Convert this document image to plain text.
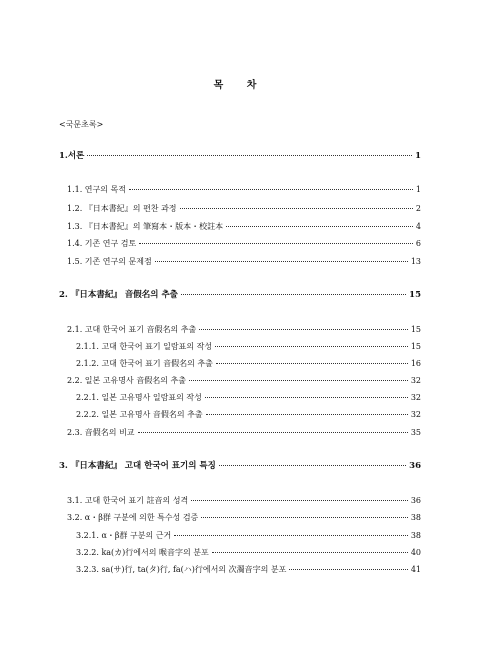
목 차
<국문초록>
1.서론	1
1.1. 연구의 목적	1
1.2. 『日本書紀』의 편찬 과정	2
1.3. 『日本書紀』의 筆寫本・版本・校註本	4
1.4. 기존 연구 검토	6
1.5. 기존 연구의 문제점	13
2. 『日本書紀』 音假名의 추출	15
2.1. 고대 한국어 표기 音假名의 추출	15
2.1.1. 고대 한국어 표기 일람표의 작성	15
2.1.2. 고대 한국어 표기 音假名의 추출	16
2.2. 일본 고유명사 音假名의 추출	32
2.2.1. 일본 고유명사 일람표의 작성	32
2.2.2. 일본 고유명사 音假名의 추출	32
2.3. 音假名의 비교	35
3. 『日本書紀』 고대 한국어 표기의 특징	36
3.1. 고대 한국어 표기 註音의 성격	36
3.2. α・β群 구분에 의한 특수성 검증	38
3.2.1. α・β群 구분의 근거	38
3.2.2. ka(カ)行에서의 喉音字의 분포	40
3.2.3. sa(サ)行, ta(タ)行, fa(ハ)行에서의 次濁音字의 분포	41
